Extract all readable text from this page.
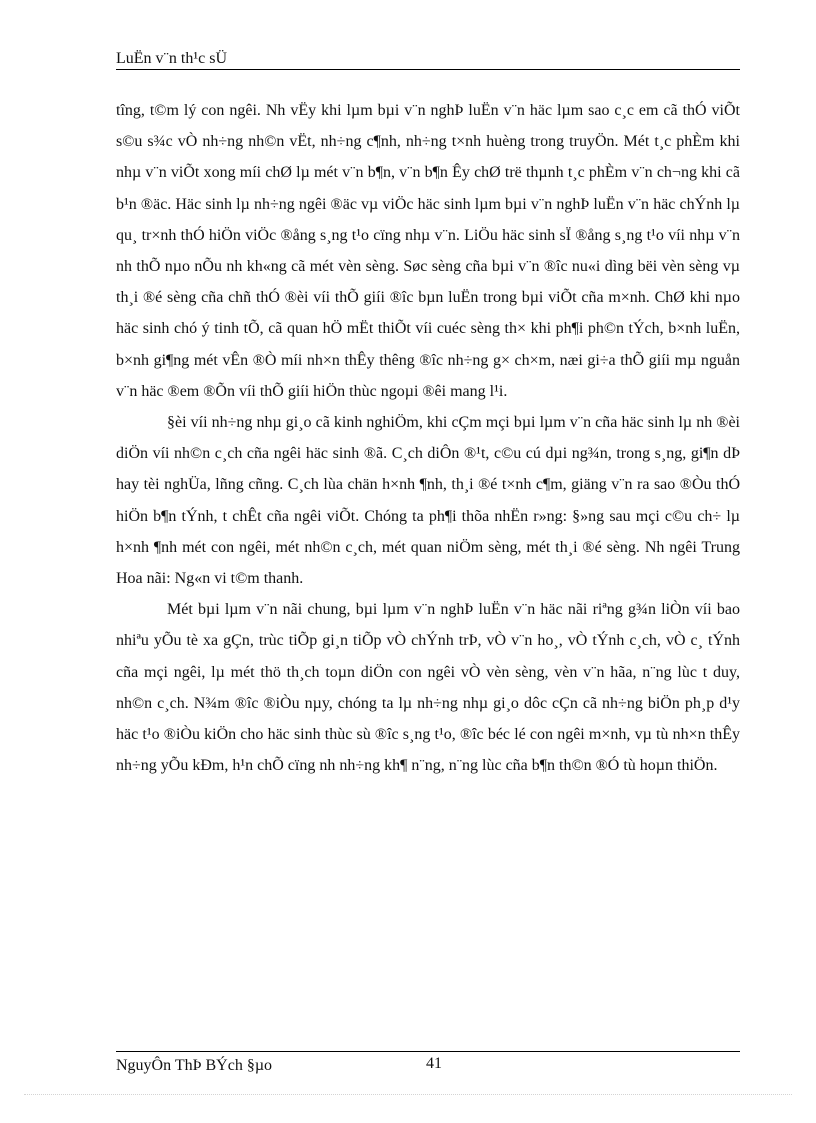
LuËn v¨n th¹c sÜ

tîng, t©m lý con ngêi. Nh vËy khi lµm bµi v¨n nghÞ luËn v¨n häc lµm sao c¸c em cã thÓ viÕt s©u s¾c vÒ nh÷ng nh©n vËt, nh÷ng c¶nh, nh÷ng t×nh huèng trong truyÖn. Mét t¸c phÈm khi nhµ v¨n viÕt xong míi chØ lµ mét v¨n b¶n, v¨n b¶n Êy chØ trë thµnh t¸c phÈm v¨n ch¬ng khi cã b¹n ®äc. Häc sinh lµ nh÷ng ngêi ®äc vµ viÖc häc sinh lµm bµi v¨n nghÞ luËn v¨n häc chÝnh lµ qu¸ tr×nh thÓ hiÖn viÖc ®ång s¸ng t¹o cïng nhµ v¨n. LiÖu häc sinh sÏ ®ång s¸ng t¹o víi nhµ v¨n nh thÕ nµo nÕu nh kh«ng cã mét vèn sèng. Søc sèng cña bµi v¨n ®îc nu«i dìng bëi vèn sèng vµ th¸i ®é sèng cña chñ thÓ ®èi víi thÕ giíi ®îc bµn luËn trong bµi viÕt cña m×nh. ChØ khi nµo häc sinh chó ý tinh tÕ, cã quan hÖ mËt thiÕt víi cuéc sèng th× khi ph¶i ph©n tÝch, b×nh luËn, b×nh gi¶ng mét vÊn ®Ò míi nh×n thÊy thêng ®îc nh÷ng g× ch×m, næi gi÷a thÕ giíi mµ nguån v¨n häc ®em ®Õn víi thÕ giíi hiÖn thùc ngoµi ®êi mang l¹i.

§èi víi nh÷ng nhµ gi¸o cã kinh nghiÖm, khi cÇm mçi bµi lµm v¨n cña häc sinh lµ nh ®èi diÖn víi nh©n c¸ch cña ngêi häc sinh ®ã. C¸ch diÔn ®¹t, c©u cú dµi ng¾n, trong s¸ng, gi¶n dÞ hay tèi nghÜa, lñng cñng. C¸ch lùa chän h×nh ¶nh, th¸i ®é t×nh c¶m, giäng v¨n ra sao ®Òu thÓ hiÖn b¶n tÝnh, t chÊt cña ngêi viÕt. Chóng ta ph¶i thõa nhËn r»ng: §»ng sau mçi c©u ch÷ lµ h×nh ¶nh mét con ngêi, mét nh©n c¸ch, mét quan niÖm sèng, mét th¸i ®é sèng. Nh ngêi Trung Hoa nãi: Ng«n vi t©m thanh.

Mét bµi lµm v¨n nãi chung, bµi lµm v¨n nghÞ luËn v¨n häc nãi riªng g¾n liÒn víi bao nhiªu yÕu tè xa gÇn, trùc tiÕp gi¸n tiÕp vÒ chÝnh trÞ, vÒ v¨n ho¸, vÒ tÝnh c¸ch, vÒ c¸ tÝnh cña mçi ngêi, lµ mét thö th¸ch toµn diÖn con ngêi vÒ vèn sèng, vèn v¨n hãa, n¨ng lùc t duy, nh©n c¸ch. N¾m ®îc ®iÒu nµy, chóng ta lµ nh÷ng nhµ gi¸o dôc cÇn cã nh÷ng biÖn ph¸p d¹y häc t¹o ®iÒu kiÖn cho häc sinh thùc sù ®îc s¸ng t¹o, ®îc béc lé con ngêi m×nh, vµ tù nh×n thÊy nh÷ng yÕu kÐm, h¹n chÕ cïng nh nh÷ng kh¶ n¨ng, n¨ng lùc cña b¶n th©n ®Ó tù hoµn thiÖn.

NguyÔn ThÞ BÝch §µo	41
